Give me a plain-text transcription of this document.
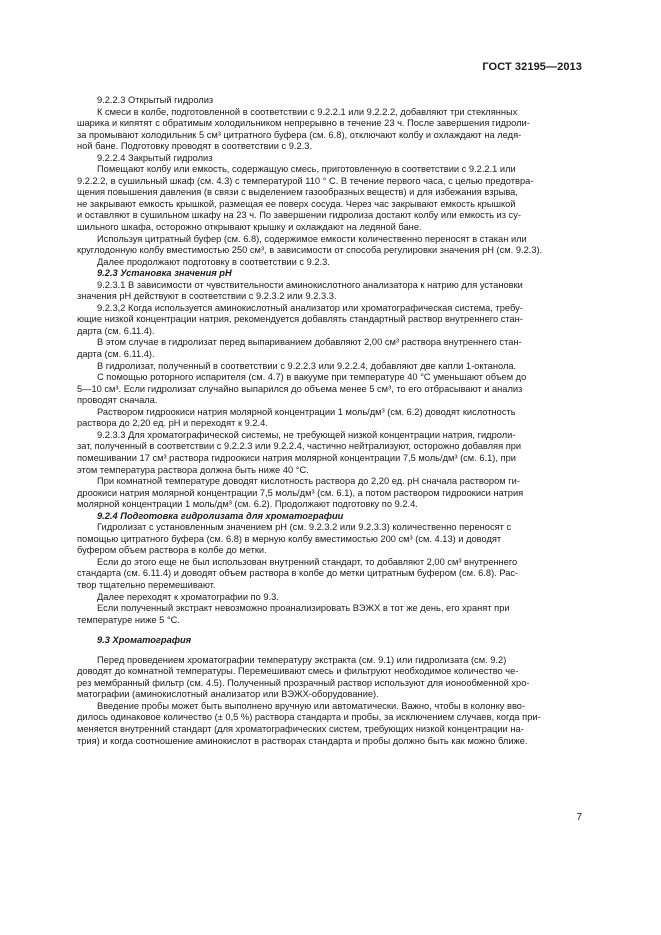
ГОСТ 32195—2013
9.2.2.3 Открытый гидролиз
К смеси в колбе, подготовленной в соответствии с 9.2.2.1 или 9.2.2.2, добавляют три стеклянных
шарика и кипятят с обратимым холодильником непрерывно в течение 23 ч. После завершения гидроли-
за промывают холодильник 5 см³ цитратного буфера (см. 6.8), отключают колбу и охлаждают на ледя-
ной бане. Подготовку проводят в соответствии с 9.2.3.
9.2.2.4 Закрытый гидролиз
Помещают колбу или емкость, содержащую смесь, приготовленную в соответствии с 9.2.2.1 или
9.2.2.2, в сушильный шкаф (см. 4.3) с температурой 110 ° С. В течение первого часа, с целью предотвра-
щения повышения давления (в связи с выделением газообразных веществ) и для избежания взрыва,
не закрывают емкость крышкой, размещая ее поверх сосуда. Через час закрывают емкость крышкой
и оставляют в сушильном шкафу на 23 ч. По завершении гидролиза достают колбу или емкость из су-
шильного шкафа, осторожно открывают крышку и охлаждают на ледяной бане.
Используя цитратный буфер (см. 6.8), содержимое емкости количественно переносят в стакан или
круглодонную колбу вместимостью 250 см³, в зависимости от способа регулировки значения pH (см. 9.2.3).
Далее продолжают подготовку в соответствии с 9.2.3.
9.2.3 Установка значения pH
9.2.3.1 В зависимости от чувствительности аминокислотного анализатора к натрию для установки
значения pH действуют в соответствии с 9.2.3.2 или 9.2.3.3.
9.2.3,2 Когда используется аминокислотный анализатор или хроматографическая система, требу-
ющие низкой концентрации натрия, рекомендуется добавлять стандартный раствор внутреннего стан-
дарта (см. 6.11.4).
В этом случае в гидролизат перед выпариванием добавляют 2,00 см³ раствора внутреннего стан-
дарта (см. 6.11.4).
В гидролизат, полученный в соответствии с 9.2.2.3 или 9.2.2.4, добавляют две капли 1-октанола.
С помощью роторного испарителя (см. 4.7) в вакууме при температуре 40 °С уменьшают объем до
5—10 см³. Если гидролизат случайно выпарился до объема менее 5 см³, то его отбрасывают и анализ
проводят сначала.
Раствором гидроокиси натрия молярной концентрации 1 моль/дм³ (см. 6.2) доводят кислотность
раствора до 2,20 ед. pH и переходят к 9.2.4.
9.2.3.3 Для хроматографической системы, не требующей низкой концентрации натрия, гидроли-
зат, полученный в соответствии с 9.2.2.3 или 9.2.2.4, частично нейтрализуют, осторожно добавляя при
помешивании 17 см³ раствора гидроокиси натрия молярной концентрации 7,5 моль/дм³ (см. 6.1), при
этом температура раствора должна быть ниже 40 °С.
При комнатной температуре доводят кислотность раствора до 2,20 ед. pH сначала раствором ги-
дроокиси натрия молярной концентрации 7,5 моль/дм³ (см. 6.1), а потом раствором гидроокиси натрия
молярной концентрации 1 моль/дм³ (см. 6.2). Продолжают подготовку по 9.2.4.
9.2.4 Подготовка гидролизата для хроматографии
Гидролизат с установленным значением pH (см. 9.2.3.2 или 9.2.3.3) количественно переносят с
помощью цитратного буфера (см. 6.8) в мерную колбу вместимостью 200 см³ (см. 4.13) и доводят
буфером объем раствора в колбе до метки.
Если до этого еще не был использован внутренний стандарт, то добавляют 2,00 см³ внутреннего
стандарта (см. 6.11.4) и доводят объем раствора в колбе до метки цитратным буфером (см. 6.8). Рас-
твор тщательно перемешивают.
Далее переходят к хроматографии по 9.3.
Если полученный экстракт невозможно проанализировать ВЭЖХ в тот же день, его хранят при
температуре ниже 5 °С.
9.3 Хроматография
Перед проведением хроматографии температуру экстракта (см. 9.1) или гидролизата (см. 9.2)
доводят до комнатной температуры. Перемешивают смесь и фильтруют необходимое количество че-
рез мембранный фильтр (см. 4.5). Полученный прозрачный раствор используют для ионообменной хро-
матографии (аминокислотный анализатор или ВЭЖХ-оборудование).
Введение пробы может быть выполнено вручную или автоматически. Важно, чтобы в колонку вво-
дилось одинаковое количество (± 0,5 %) раствора стандарта и пробы, за исключением случаев, когда при-
меняется внутренний стандарт (для хроматографических систем, требующих низкой концентрации на-
трия) и когда соотношение аминокислот в растворах стандарта и пробы должно быть как можно ближе.
7
